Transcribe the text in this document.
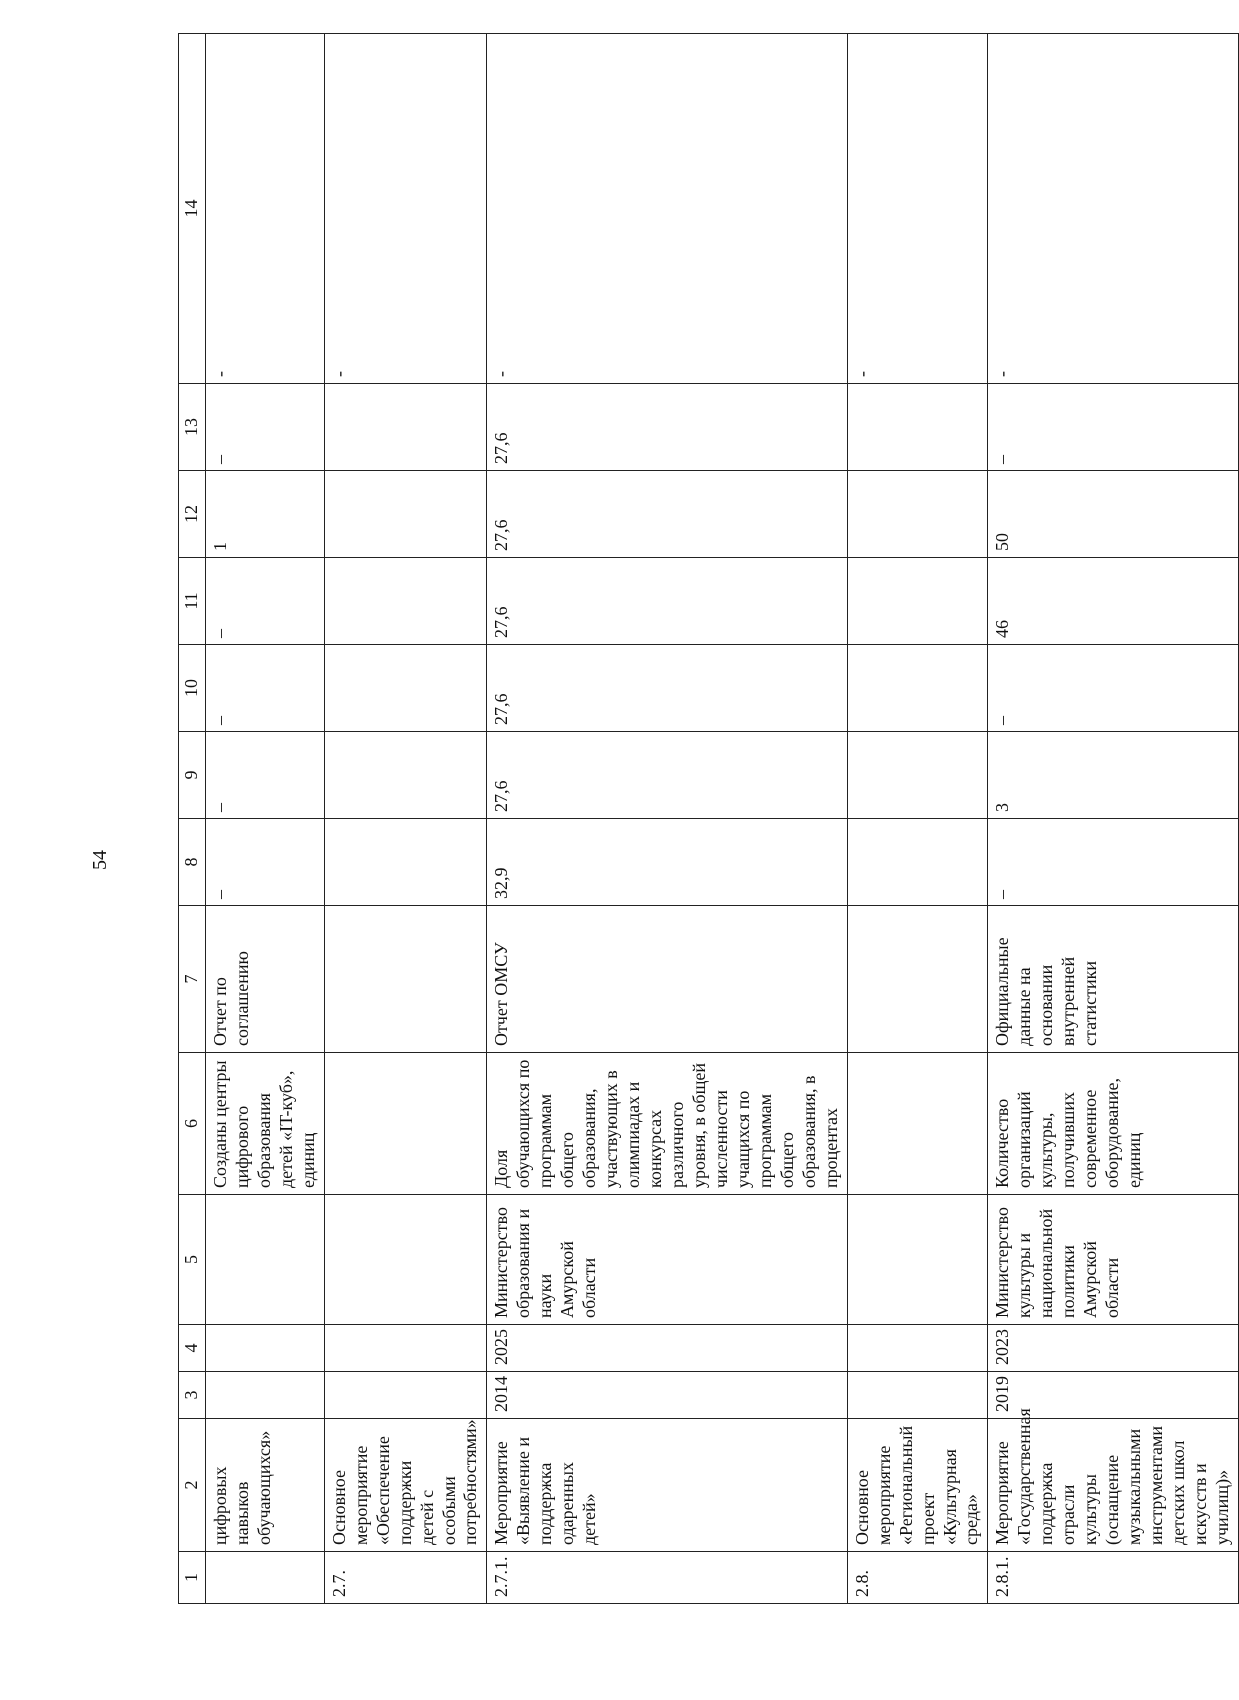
54
1	2	3	4	5	6	7	8	9	10	11	12	13	14
	цифровых навыков обучающихся»				Созданы центры цифрового образования детей «IT-куб», единиц	Отчет по соглашению	–	–	–	–	1	–	-
2.7.	Основное мероприятие «Обеспечение поддержки детей с особыми потребностями»												-
2.7.1.	Мероприятие «Выявление и поддержка одаренных детей»	2014	2025	Министерство образования и науки Амурской области	Доля обучающихся по программам общего образования, участвующих в олимпиадах и конкурсах различного уровня, в общей численности учащихся по программам общего образования, в процентах	Отчет ОМСУ	32,9	27,6	27,6	27,6	27,6	27,6	-
2.8.	Основное мероприятие «Региональный проект «Культурная среда»												-
2.8.1.	Мероприятие «Государственная поддержка отрасли культуры (оснащение музыкальными инструментами детских школ искусств и училищ)»	2019	2023	Министерство культуры и национальной политики Амурской области	Количество организаций культуры, получивших современное оборудование, единиц	Официальные данные на основании внутренней статистики	–	3	–	46	50	–	-
